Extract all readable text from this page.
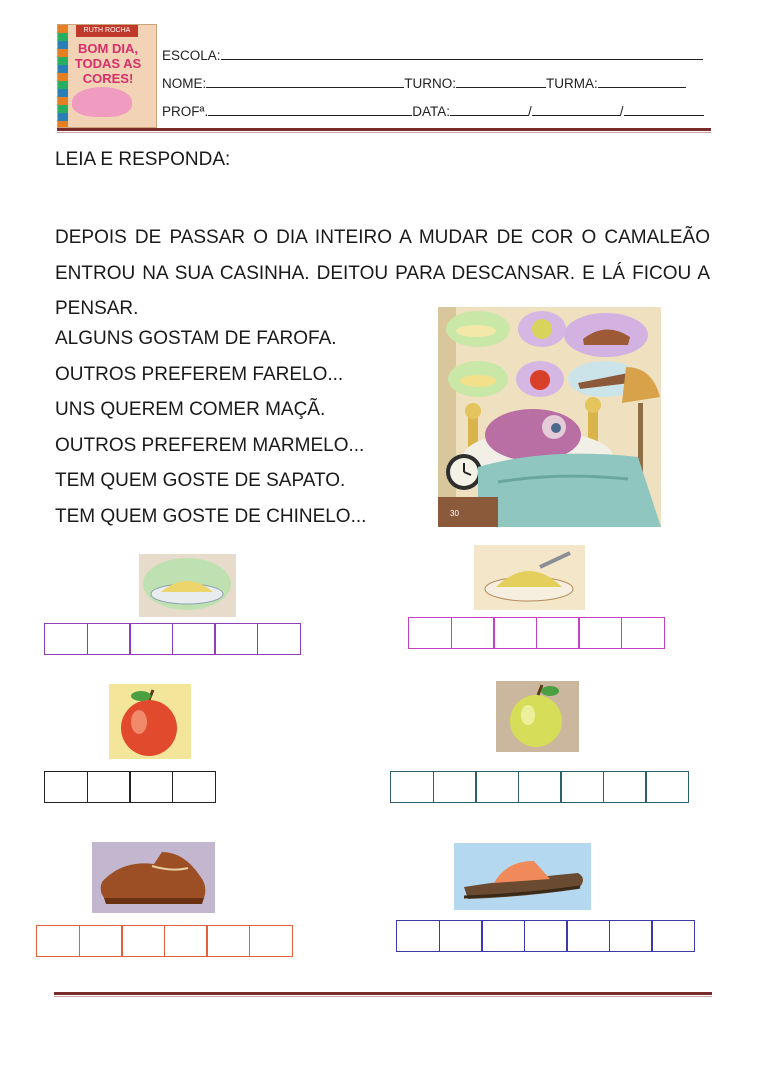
RUTH ROCHA
BOM DIA,
TODAS AS
CORES!
ESCOLA:
NOME:	TURNO:	TURMA:
PROFª.	DATA:	/	/
LEIA E RESPONDA:
DEPOIS DE PASSAR O DIA INTEIRO A MUDAR DE COR O CAMALEÃO ENTROU NA SUA CASINHA. DEITOU PARA DESCANSAR. E LÁ FICOU A PENSAR.
ALGUNS GOSTAM DE FAROFA.
OUTROS PREFEREM FARELO...
UNS QUEREM COMER MAÇÃ.
OUTROS PREFEREM MARMELO...
TEM QUEM GOSTE DE SAPATO.
TEM QUEM GOSTE DE CHINELO...	30
